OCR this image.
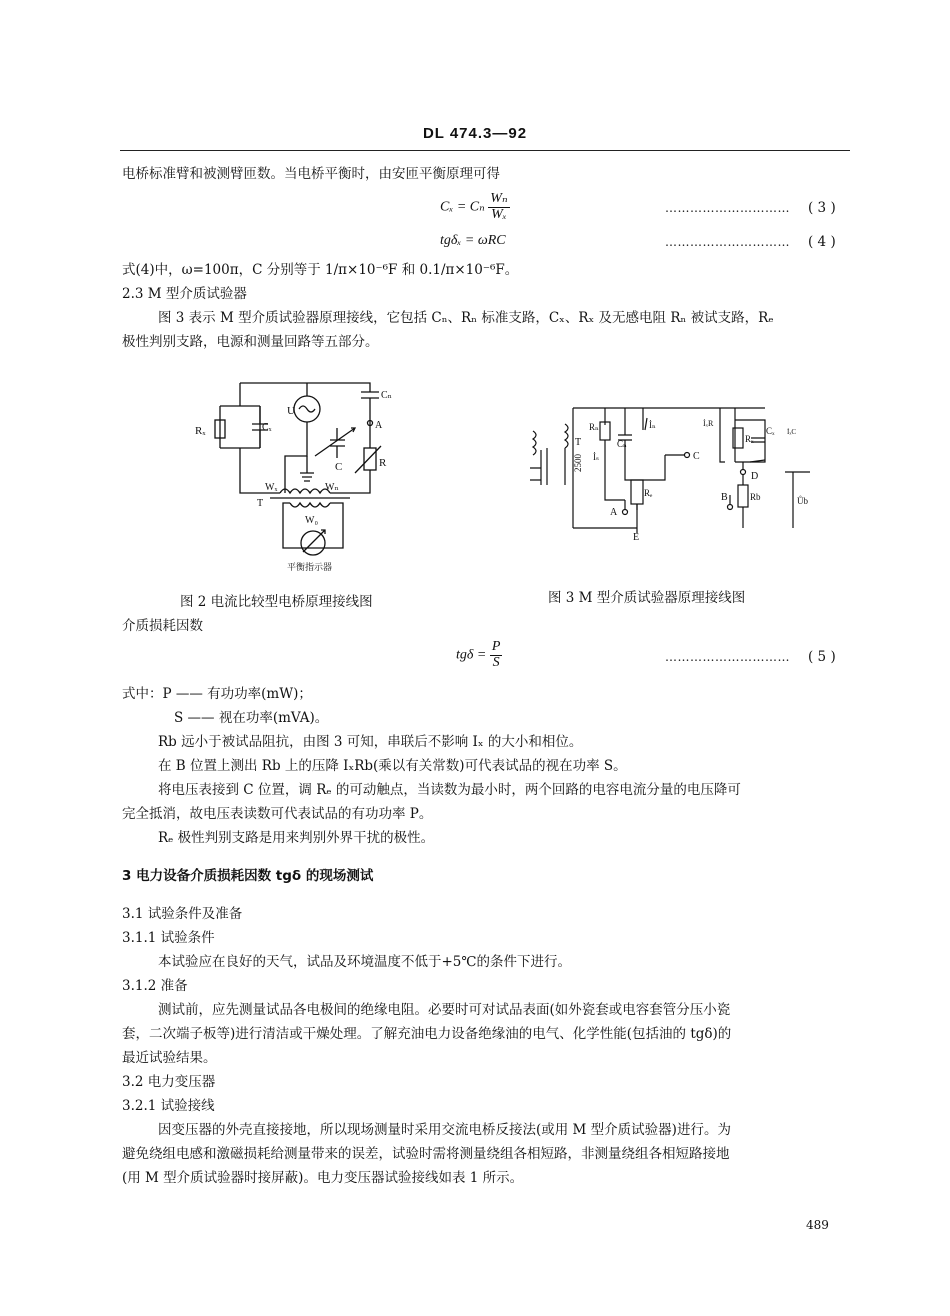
DL 474.3—92
电桥标准臂和被测臂匝数。当电桥平衡时，由安匝平衡原理可得
Cₓ = Cₙ $\frac{\text{Wₙ}}{\text{Wₓ}}$	………………………… ( 3 )
tgδₓ = ωRC	………………………… ( 4 )
式(4)中，ω=100π，C 分别等于 1/π×10⁻⁶F 和 0.1/π×10⁻⁶F。
2.3 M 型介质试验器
图 3 表示 M 型介质试验器原理接线，它包括 Cₙ、Rₙ 标准支路，Cₓ、Rₓ 及无感电阻 Rₙ 被试支路，Rₑ
极性判别支路，电源和测量回路等五部分。
Rₓ	Cₓ
U
C
Cₙ
A
R
Wₓ	Wₙ
W₀
T
平衡指示器
T
2500
Rₙ
Cₙ
İₙ
İₛ
Rₑ
A
E
C
İₓR
Rₓ
Cₓ İₓC
D
B Rb	Ůb
图 2 电流比较型电桥原理接线图	图 3 M 型介质试验器原理接线图
介质损耗因数
$tg\delta = \frac{P}{S}$	………………………… ( 5 )
式中：P —— 有功功率(mW)；
S —— 视在功率(mVA)。
Rb 远小于被试品阻抗，由图 3 可知，串联后不影响 Iₓ 的大小和相位。
在 B 位置上测出 Rb 上的压降 IₓRb(乘以有关常数)可代表试品的视在功率 S。
将电压表接到 C 位置，调 Rₑ 的可动触点，当读数为最小时，两个回路的电容电流分量的电压降可
完全抵消，故电压表读数可代表试品的有功功率 P。
Rₑ 极性判别支路是用来判别外界干扰的极性。
3 电力设备介质损耗因数 tgδ 的现场测试
3.1 试验条件及准备
3.1.1 试验条件
本试验应在良好的天气，试品及环境温度不低于+5℃的条件下进行。
3.1.2 准备
测试前，应先测量试品各电极间的绝缘电阻。必要时可对试品表面(如外瓷套或电容套管分压小瓷
套，二次端子板等)进行清洁或干燥处理。了解充油电力设备绝缘油的电气、化学性能(包括油的 tgδ)的
最近试验结果。
3.2 电力变压器
3.2.1 试验接线
因变压器的外壳直接接地，所以现场测量时采用交流电桥反接法(或用 M 型介质试验器)进行。为
避免绕组电感和激磁损耗给测量带来的误差，试验时需将测量绕组各相短路，非测量绕组各相短路接地
(用 M 型介质试验器时接屏蔽)。电力变压器试验接线如表 1 所示。
489
